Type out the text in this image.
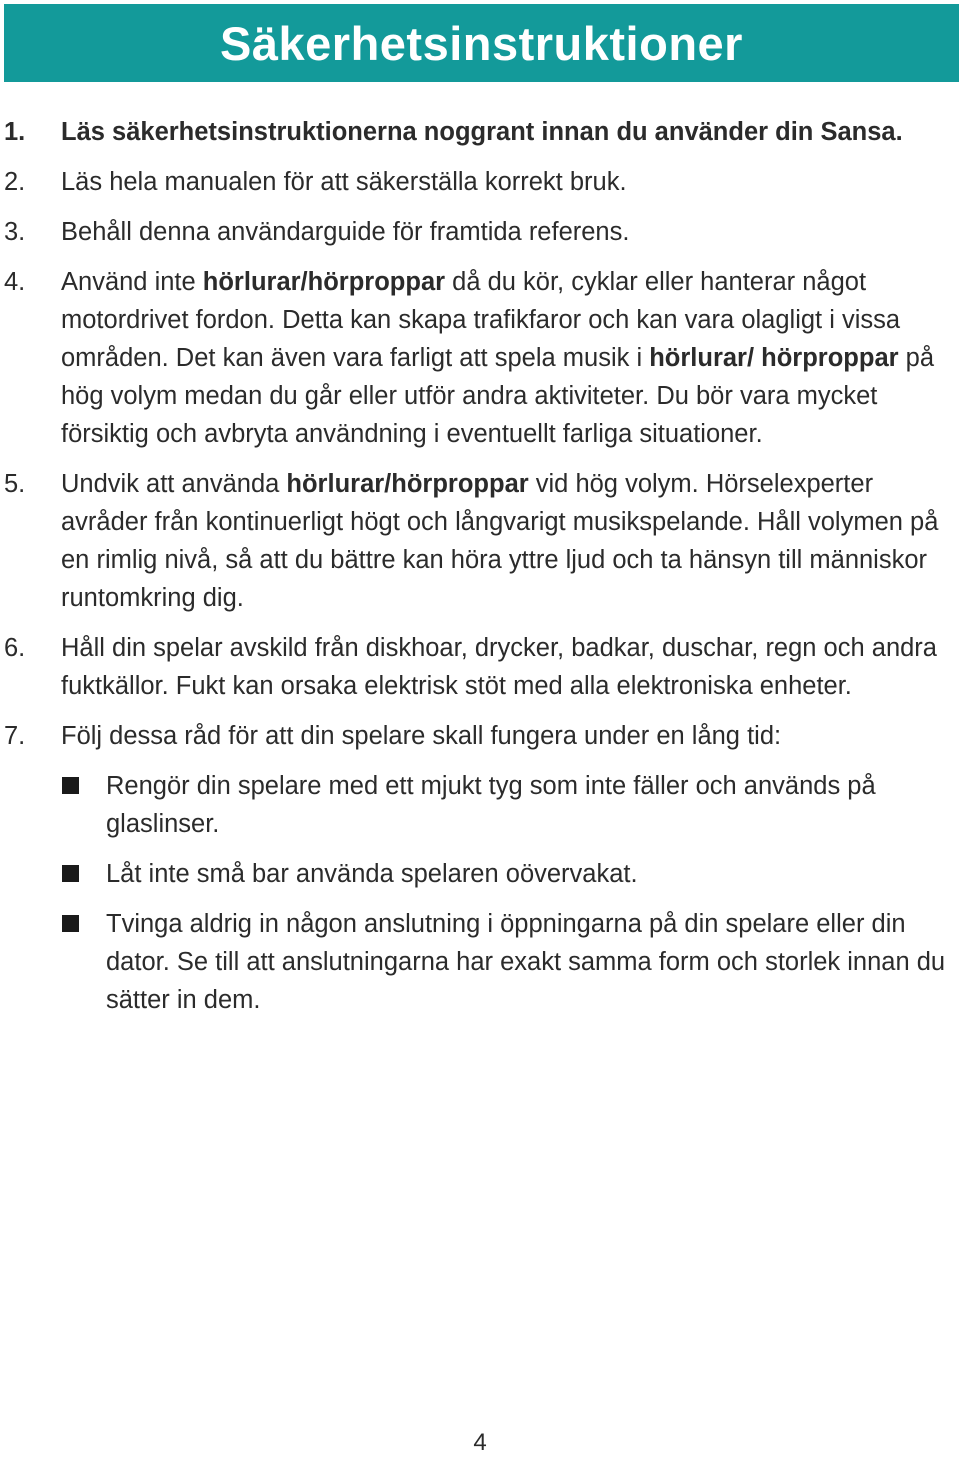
Säkerhetsinstruktioner
1. Läs säkerhetsinstruktionerna noggrant innan du använder din Sansa.
2. Läs hela manualen för att säkerställa korrekt bruk.
3. Behåll denna användarguide för framtida referens.
4. Använd inte hörlurar/hörproppar då du kör, cyklar eller hanterar något motordrivet fordon. Detta kan skapa trafikfaror och kan vara olagligt i vissa områden. Det kan även vara farligt att spela musik i hörlurar/ hörproppar på hög volym medan du går eller utför andra aktiviteter. Du bör vara mycket försiktig och avbryta användning i eventuellt farliga situationer.
5. Undvik att använda hörlurar/hörproppar vid hög volym. Hörselexperter avråder från kontinuerligt högt och långvarigt musikspelande. Håll volymen på en rimlig nivå, så att du bättre kan höra yttre ljud och ta hänsyn till människor runtomkring dig.
6. Håll din spelar avskild från diskhoar, drycker, badkar, duschar, regn och andra fuktkällor. Fukt kan orsaka elektrisk stöt med alla elektroniska enheter.
7. Följ dessa råd för att din spelare skall fungera under en lång tid:
Rengör din spelare med ett mjukt tyg som inte fäller och används på glaslinser.
Låt inte små bar använda spelaren oövervakat.
Tvinga aldrig in någon anslutning i öppningarna på din spelare eller din dator. Se till att anslutningarna har exakt samma form och storlek innan du sätter in dem.
4
